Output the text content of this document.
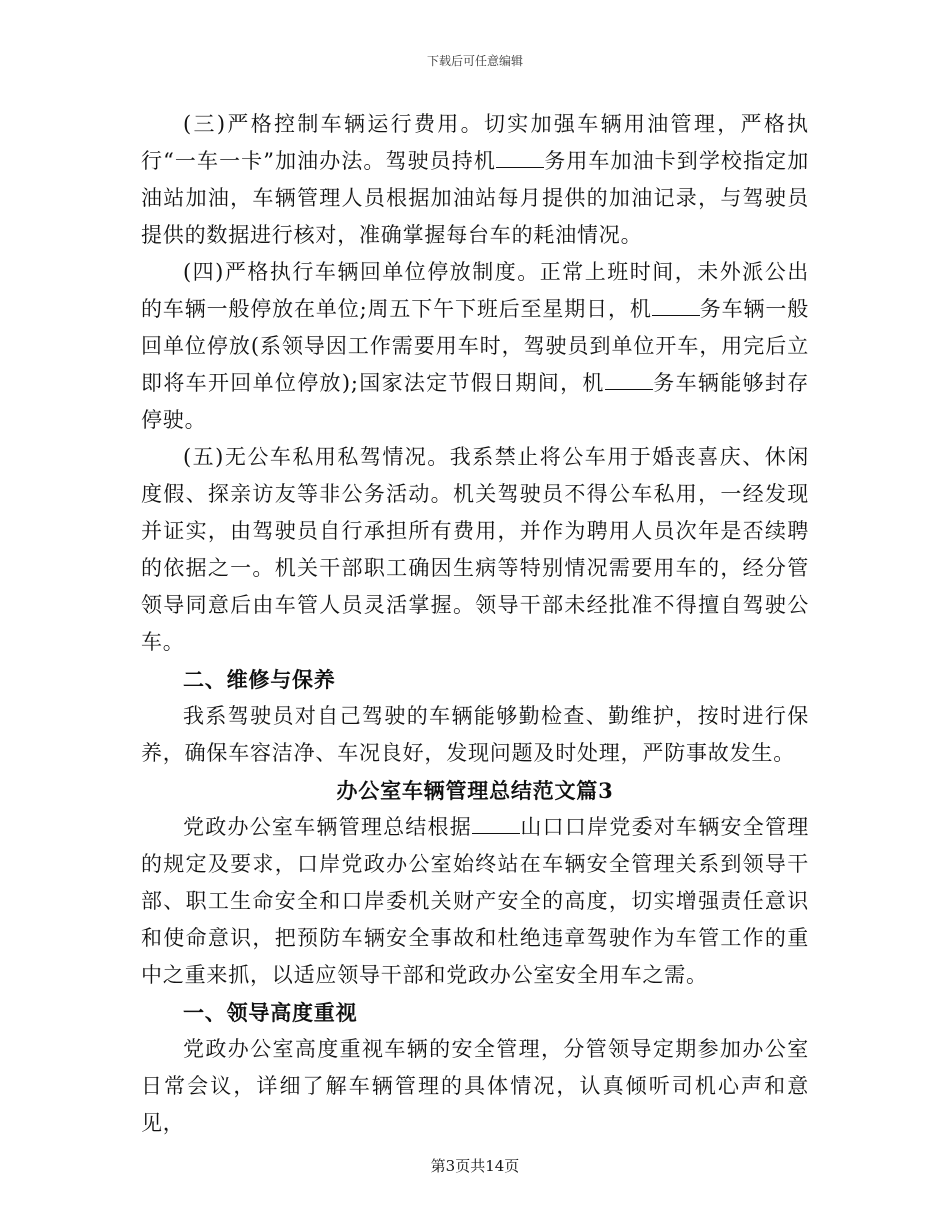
下载后可任意编辑

(三)严格控制车辆运行费用。切实加强车辆用油管理，严格执行“一车一卡”加油办法。驾驶员持机 务用车加油卡到学校指定加油站加油，车辆管理人员根据加油站每月提供的加油记录，与驾驶员提供的数据进行核对，准确掌握每台车的耗油情况。

(四)严格执行车辆回单位停放制度。正常上班时间，未外派公出的车辆一般停放在单位;周五下午下班后至星期日，机 务车辆一般回单位停放(系领导因工作需要用车时，驾驶员到单位开车，用完后立即将车开回单位停放);国家法定节假日期间，机 务车辆能够封存停驶。

(五)无公车私用私驾情况。我系禁止将公车用于婚丧喜庆、休闲度假、探亲访友等非公务活动。机关驾驶员不得公车私用，一经发现并证实，由驾驶员自行承担所有费用，并作为聘用人员次年是否续聘的依据之一。机关干部职工确因生病等特别情况需要用车的，经分管领导同意后由车管人员灵活掌握。领导干部未经批准不得擅自驾驶公车。

二、维修与保养

我系驾驶员对自己驾驶的车辆能够勤检查、勤维护，按时进行保养，确保车容洁净、车况良好，发现问题及时处理，严防事故发生。

办公室车辆管理总结范文篇3

党政办公室车辆管理总结根据 山口口岸党委对车辆安全管理的规定及要求，口岸党政办公室始终站在车辆安全管理关系到领导干部、职工生命安全和口岸委机关财产安全的高度，切实增强责任意识和使命意识，把预防车辆安全事故和杜绝违章驾驶作为车管工作的重中之重来抓，以适应领导干部和党政办公室安全用车之需。

一、领导高度重视

党政办公室高度重视车辆的安全管理，分管领导定期参加办公室日常会议，详细了解车辆管理的具体情况，认真倾听司机心声和意见，

第3页共14页
